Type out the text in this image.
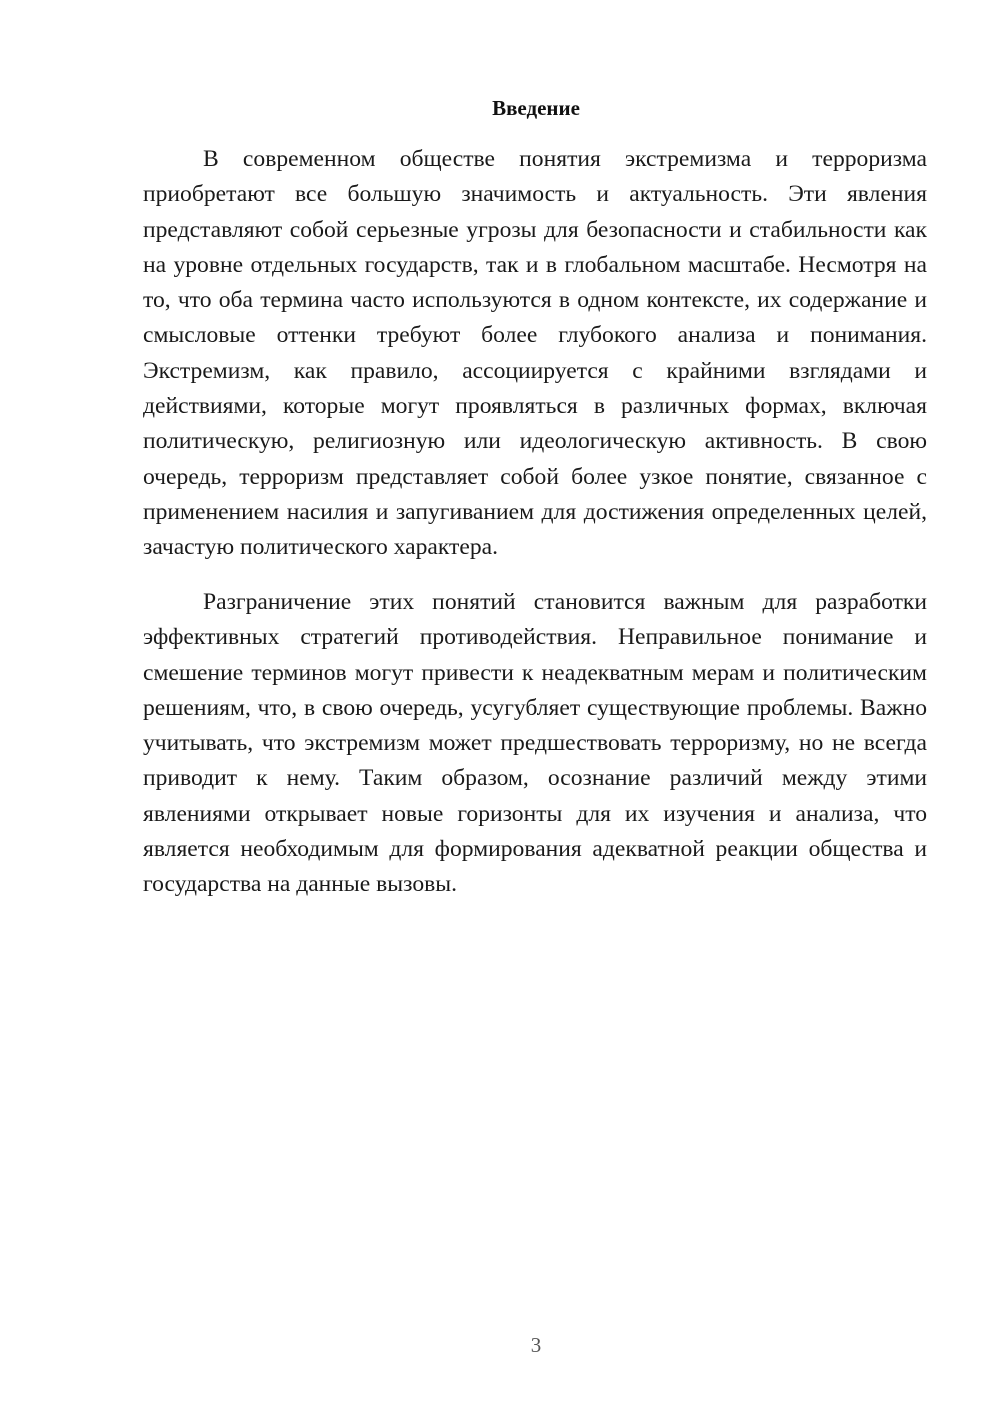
Введение

В современном обществе понятия экстремизма и терроризма приобретают все большую значимость и актуальность. Эти явления представляют собой серьезные угрозы для безопасности и стабильности как на уровне отдельных государств, так и в глобальном масштабе. Несмотря на то, что оба термина часто используются в одном контексте, их содержание и смысловые оттенки требуют более глубокого анализа и понимания. Экстремизм, как правило, ассоциируется с крайними взглядами и действиями, которые могут проявляться в различных формах, включая политическую, религиозную или идеологическую активность. В свою очередь, терроризм представляет собой более узкое понятие, связанное с применением насилия и запугиванием для достижения определенных целей, зачастую политического характера.

Разграничение этих понятий становится важным для разработки эффективных стратегий противодействия. Неправильное понимание и смешение терминов могут привести к неадекватным мерам и политическим решениям, что, в свою очередь, усугубляет существующие проблемы. Важно учитывать, что экстремизм может предшествовать терроризму, но не всегда приводит к нему. Таким образом, осознание различий между этими явлениями открывает новые горизонты для их изучения и анализа, что является необходимым для формирования адекватной реакции общества и государства на данные вызовы.

3
